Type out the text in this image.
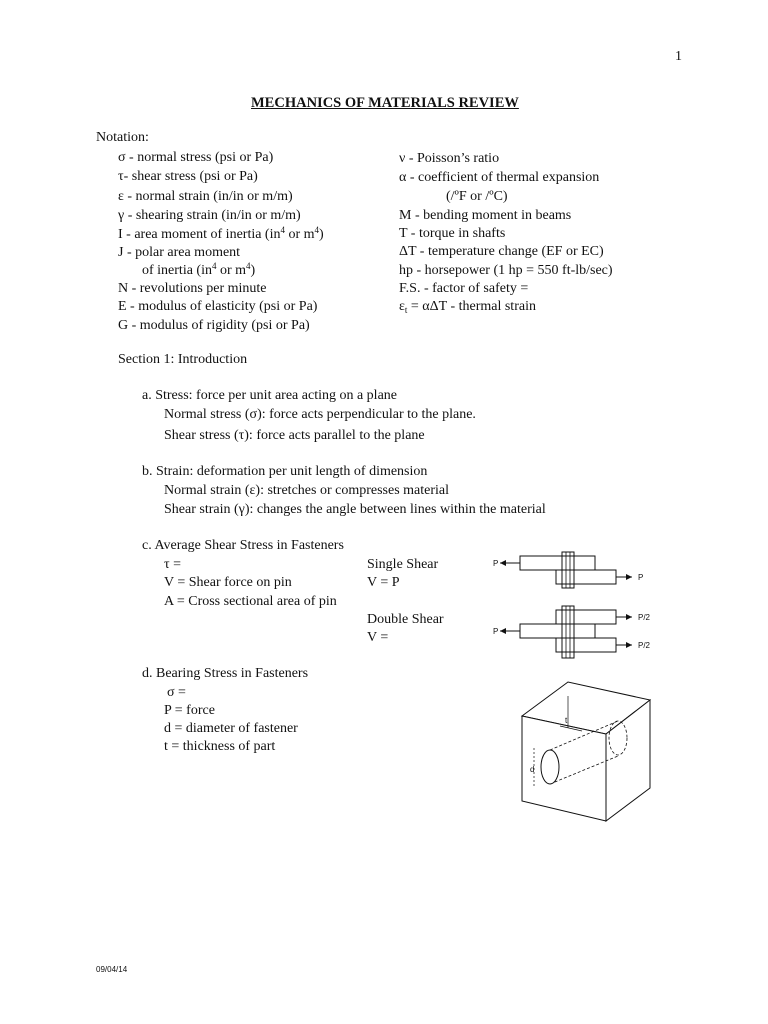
1
MECHANICS OF MATERIALS REVIEW
Notation:
σ - normal stress (psi or Pa)
τ- shear stress (psi or Pa)
ε - normal strain (in/in or m/m)
γ - shearing strain (in/in or m/m)
I - area moment of inertia ($in^4$ or $m^4$)
J - polar area moment
of inertia ($in^4$ or $m^4$)
N - revolutions per minute
E - modulus of elasticity (psi or Pa)
G - modulus of rigidity (psi or Pa)
ν - Poisson’s ratio
α - coefficient of thermal expansion
(/ºF or /ºC)
M - bending moment in beams
T - torque in shafts
ΔT - temperature change (EF or EC)
hp - horsepower (1 hp = 550 ft-lb/sec)
F.S. - factor of safety =
$\varepsilon_t = \alpha\Delta T$ - thermal strain
Section 1: Introduction
a. Stress: force per unit area acting on a plane
Normal stress (σ): force acts perpendicular to the plane.
Shear stress (τ): force acts parallel to the plane
b. Strain: deformation per unit length of dimension
Normal strain (ε): stretches or compresses material
Shear strain (γ): changes the angle between lines within the material
c. Average Shear Stress in Fasteners
τ =
V = Shear force on pin
A = Cross sectional area of pin
Single Shear
V = P
Double Shear
V =
P
P
P
P/2
P/2
d. Bearing Stress in Fasteners
σ =
P = force
d = diameter of fastener
t = thickness of part
t
d
09/04/14
